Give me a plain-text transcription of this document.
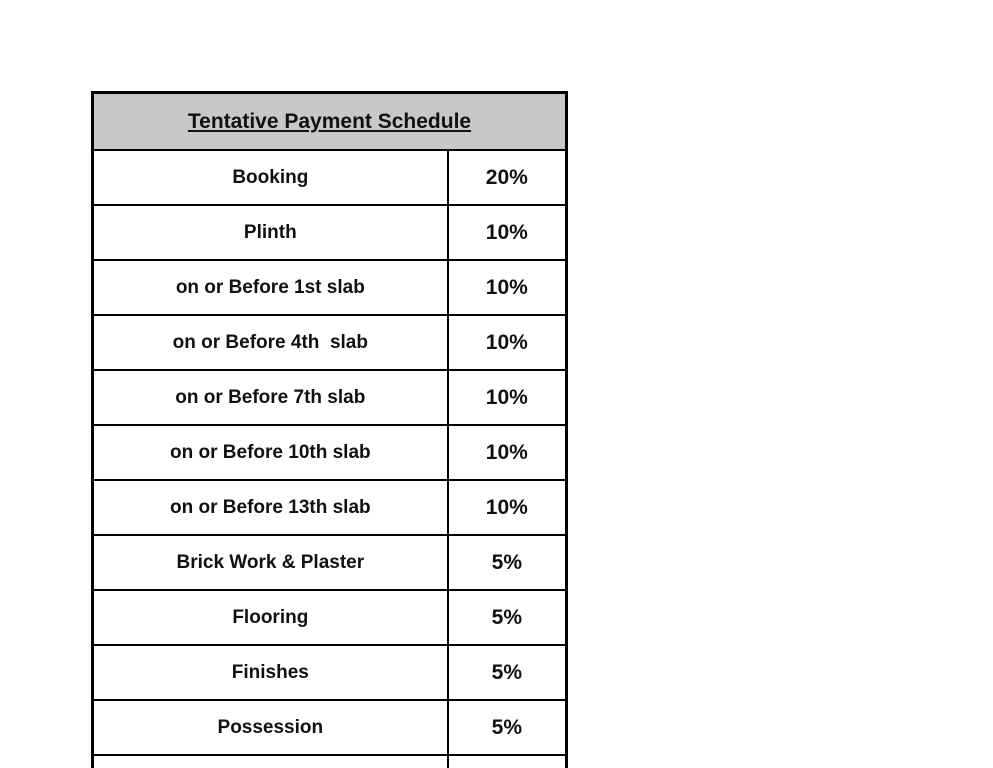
Tentative Payment Schedule	
Booking	20%
Plinth	10%
on or Before 1st slab	10%
on or Before 4th  slab	10%
on or Before 7th slab	10%
on or Before 10th slab	10%
on or Before 13th slab	10%
Brick Work & Plaster	5%
Flooring	5%
Finishes	5%
Possession	5%
